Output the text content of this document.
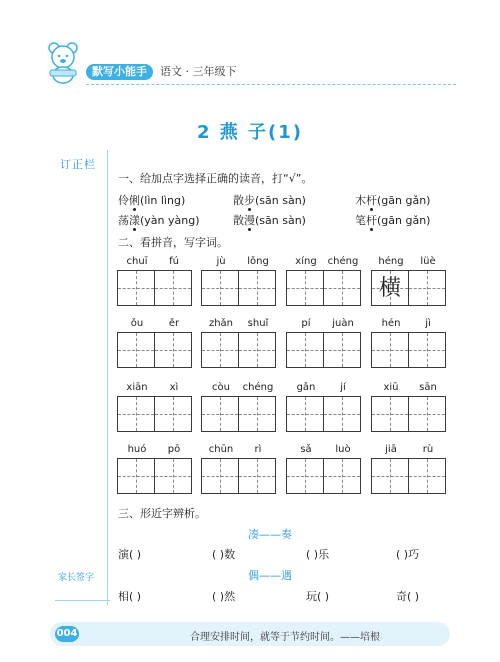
默写小能手	语文 · 三年级下
2 燕 子(1)
订正栏
家长签字
一、给加点字选择正确的读音，打“√”。
伶俐(lìn lìng)	散步(sān sàn)	木杆(gān gǎn)
荡漾(yàn yàng)	散漫(sān sàn)	笔杆(gān gǎn)
二、看拼音，写字词。
chuī	fú	jù	lǒng	xíng	chéng	héng	lüè
横
ǒu	ěr	zhǎn	shuǐ	pí	juàn	hén	jì
xiān	xì	còu	chéng	gǎn	jí	xiū	sān
huó	pō	chūn	rì	sǎ	luò	jiā	rù
三、形近字辨析。
凑——奏
演( )	( )数	( )乐	( )巧
偶——遇
相( )	( )然	玩( )	奇( )
004	合理安排时间，就等于节约时间。——培根
